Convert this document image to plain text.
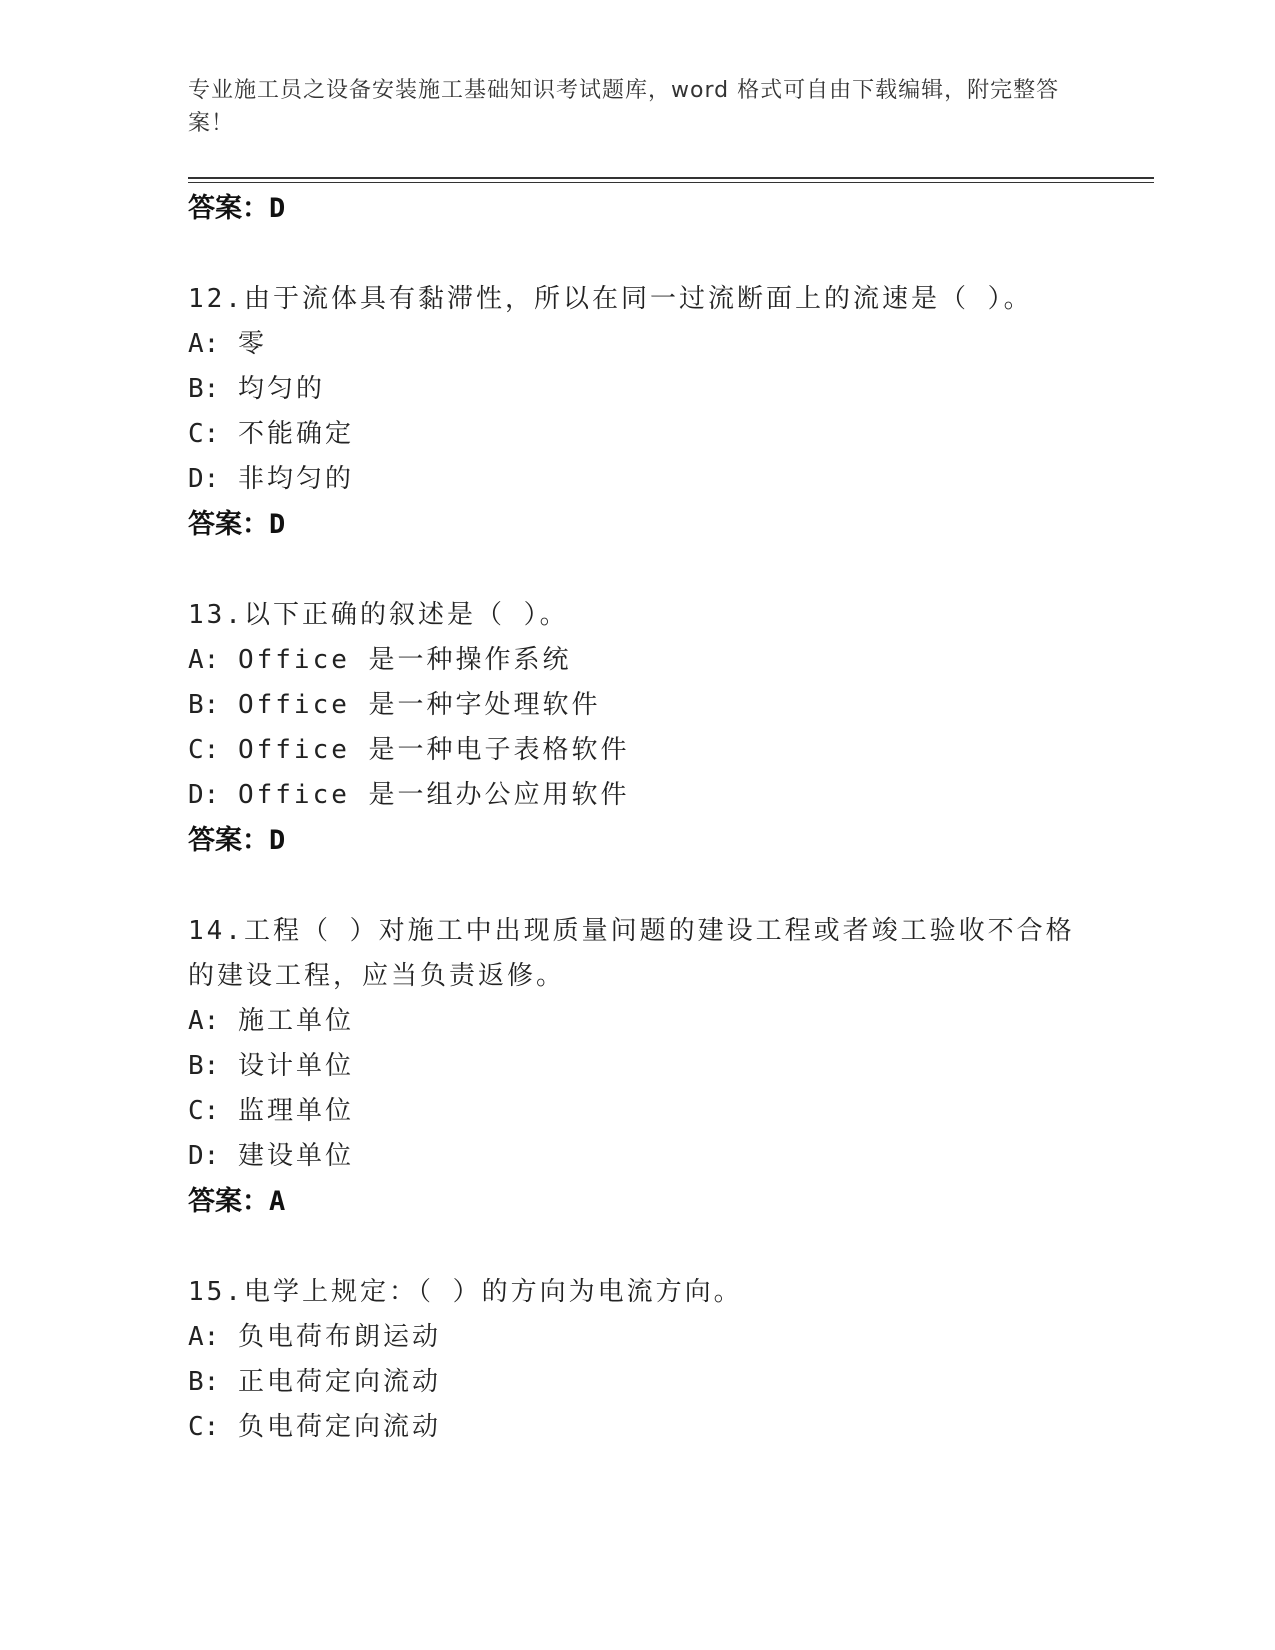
专业施工员之设备安装施工基础知识考试题库，word 格式可自由下载编辑，附完整答案！
答案：D
12.由于流体具有黏滞性，所以在同一过流断面上的流速是（ ）。
A: 零
B: 均匀的
C: 不能确定
D: 非均匀的
答案：D
13.以下正确的叙述是（ ）。
A: Office 是一种操作系统
B: Office 是一种字处理软件
C: Office 是一种电子表格软件
D: Office 是一组办公应用软件
答案：D
14.工程（ ）对施工中出现质量问题的建设工程或者竣工验收不合格的建设工程，应当负责返修。
A: 施工单位
B: 设计单位
C: 监理单位
D: 建设单位
答案：A
15.电学上规定：（ ）的方向为电流方向。
A: 负电荷布朗运动
B: 正电荷定向流动
C: 负电荷定向流动
